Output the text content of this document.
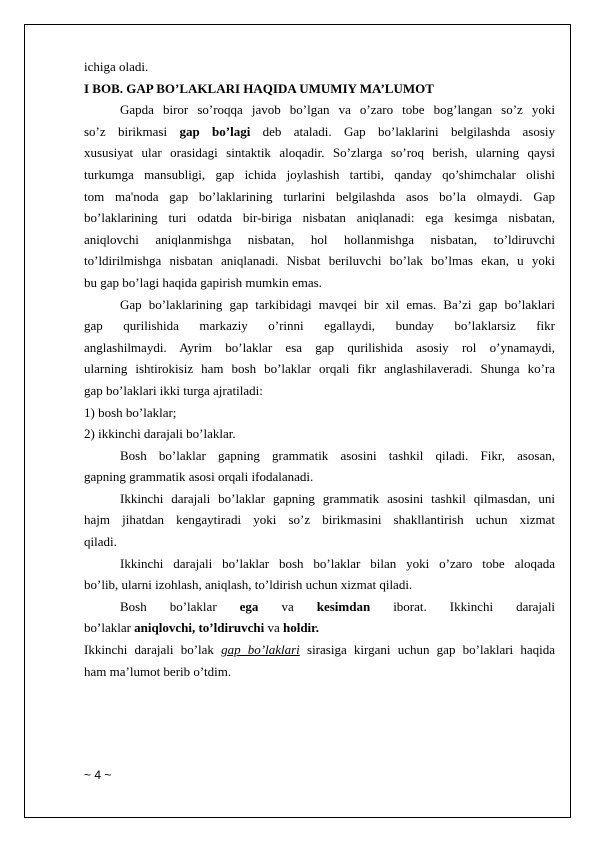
ichiga oladi.
I BOB. GAP BO’LAKLARI HAQIDA UMUMIY MA’LUMOT
Gapda biror so’roqqa javob bo’lgan va o’zaro tobe bog’langan so’z yoki
so’z birikmasi gap bo’lagi deb ataladi. Gap bo’laklarini belgilashda asosiy
xususiyat ular orasidagi sintaktik aloqadir. So’zlarga so’roq berish, ularning qaysi
turkumga mansubligi, gap ichida joylashish tartibi, qanday qo’shimchalar olishi
tom ma'noda gap bo’laklarining turlarini belgilashda asos bo’la olmaydi. Gap
bo’laklarining turi odatda bir-biriga nisbatan aniqlanadi: ega kesimga nisbatan,
aniqlovchi aniqlanmishga nisbatan, hol hollanmishga nisbatan, to’ldiruvchi
to’ldirilmishga nisbatan aniqlanadi. Nisbat beriluvchi bo’lak bo’lmas ekan, u yoki
bu gap bo’lagi haqida gapirish mumkin emas.
Gap bo’laklarining gap tarkibidagi mavqei bir xil emas. Ba’zi gap bo’laklari
gap qurilishida markaziy o’rinni egallaydi, bunday bo’laklarsiz fikr
anglashilmaydi. Ayrim bo’laklar esa gap qurilishida asosiy rol o’ynamaydi,
ularning ishtirokisiz ham bosh bo’laklar orqali fikr anglashilaveradi. Shunga ko’ra
gap bo’laklari ikki turga ajratiladi:
1) bosh bo’laklar;
2) ikkinchi darajali bo’laklar.
Bosh bo’laklar gapning grammatik asosini tashkil qiladi. Fikr, asosan,
gapning grammatik asosi orqali ifodalanadi.
Ikkinchi darajali bo’laklar gapning grammatik asosini tashkil qilmasdan, uni
hajm jihatdan kengaytiradi yoki so’z birikmasini shakllantirish uchun xizmat
qiladi.
Ikkinchi darajali bo’laklar bosh bo’laklar bilan yoki o’zaro tobe aloqada
bo’lib, ularni izohlash, aniqlash, to’ldirish uchun xizmat qiladi.
Bosh bo’laklar ega va kesimdan iborat. Ikkinchi darajali
bo’laklar aniqlovchi, to’ldiruvchi va holdir.
Ikkinchi darajali bo’lak gap bo’laklari sirasiga kirgani uchun gap bo’laklari haqida
ham ma’lumot berib o’tdim.
~ 4 ~
